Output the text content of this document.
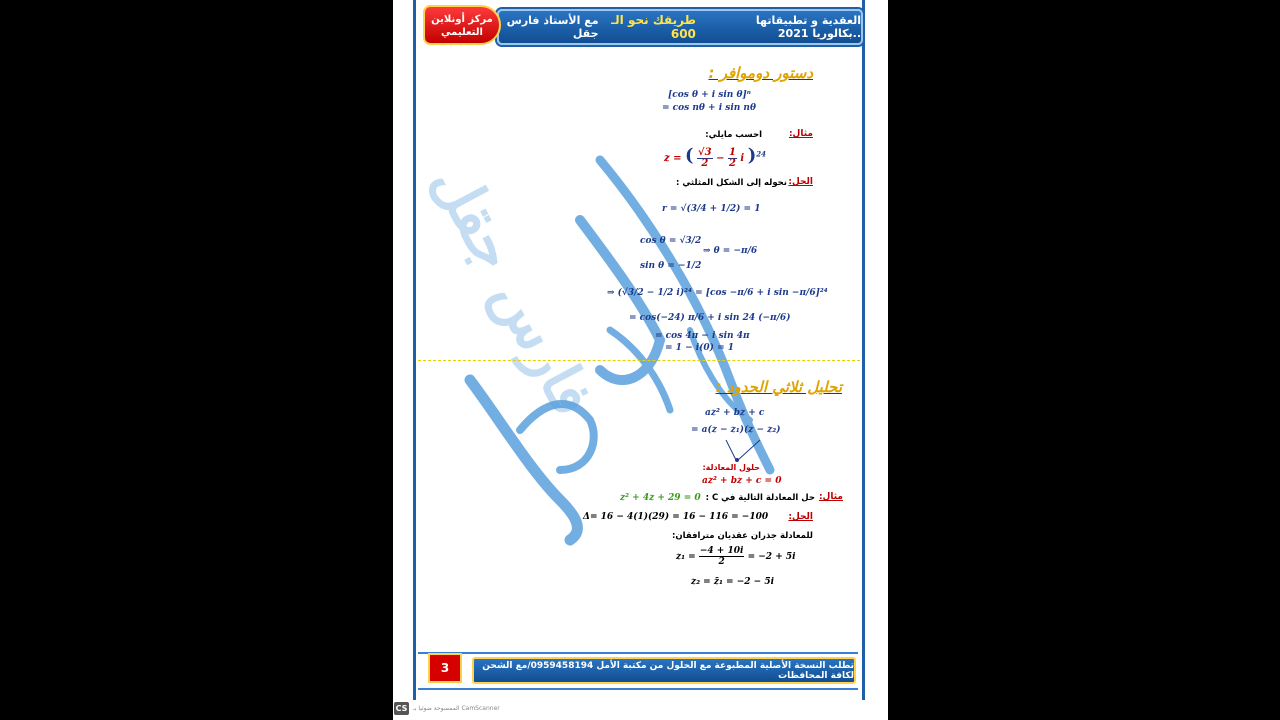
فارس جقل
العقدية و تطبيقاتها ..بكالوريا 2021

طريقك نحو الـ 600

مع الأستاذ فارس جقل
مركز أونلاين
التعليمي
دستور دوموافر :
[cos θ + i sin θ]ⁿ
= cos nθ + i sin nθ
مثال:
احسب مايلي:
z = ( $\frac{√3}{2} - \frac{1}{2}$ i )$^{24}$
الحل:
نحوله إلى الشكل المثلثي :
r = √(3/4 + 1/2) = 1
cos θ = √3/2
sin θ = −1/2
⇒ θ = −π/6
⇒ (√3/2 − 1/2 i)²⁴ = [cos −π/6 + i sin −π/6]²⁴
= cos(−24) π/6 + i sin 24 (−π/6)
= cos 4π − i sin 4π
= 1 − i(0) = 1
تحليل ثلاثي الحدود :
az² + bz + c
= a(z − z₁)(z − z₂)
حلول المعادلة:
az² + bz + c = 0
مثال:
حل المعادلة التالية في C :
z² + 4z + 29 = 0
الحل:
Δ= 16 − 4(1)(29) = 16 − 116 = −100
للمعادلة جذران عقديان مترافقان:
$z_1 = \frac{-4 + 10i}{2} = -2 + 5i$
z₂ = z̄₁ = −2 − 5i
3	تطلب النسخة الأصلية المطبوعة مع الحلول من مكتبة الأمل 0959458194/مع الشحن لكافة المحافظات
CS الممسوحة ضوئيا بـ CamScanner
